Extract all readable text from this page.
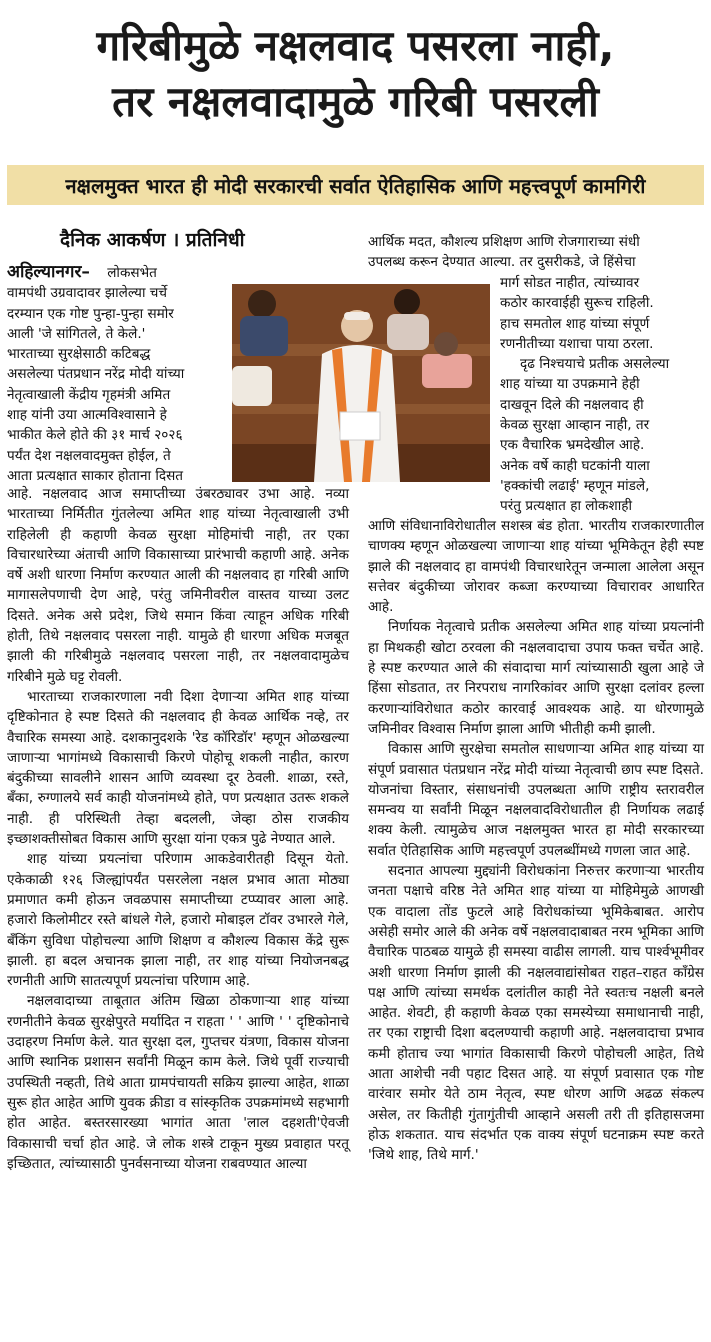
गरिबीमुळे नक्षलवाद पसरला नाही,
तर नक्षलवादामुळे गरिबी पसरली
नक्षलमुक्त भारत ही मोदी सरकारची सर्वात ऐतिहासिक आणि महत्त्वपूर्ण कामगिरी
दैनिक आकर्षण । प्रतिनिधी

अहिल्यानगर– लोकसभेत

वामपंथी उग्रवादावर झालेल्या चर्चे

दरम्यान एक गोष्ट पुन्हा-पुन्हा समोर

आली 'जे सांगितले, ते केले.'

भारताच्या सुरक्षेसाठी कटिबद्ध

असलेल्या पंतप्रधान नरेंद्र मोदी यांच्या

नेतृत्वाखाली केंद्रीय गृहमंत्री अमित

शाह यांनी उया आत्मविश्वासाने हे

भाकीत केले होते की ३१ मार्च २०२६

पर्यंत देश नक्षलवादमुक्त होईल, ते

आता प्रत्यक्षात साकार होताना दिसत

आहे. नक्षलवाद आज समाप्तीच्या उंबरठ्यावर उभा आहे. नव्या भारताच्या निर्मितीत गुंतलेल्या अमित शाह यांच्या नेतृत्वाखाली उभी राहिलेली ही कहाणी केवळ सुरक्षा मोहिमांची नाही, तर एका विचारधारेच्या अंताची आणि विकासाच्या प्रारंभाची कहाणी आहे. अनेक वर्षे अशी धारणा निर्माण करण्यात आली की नक्षलवाद हा गरिबी आणि मागासलेपणाची देण आहे, परंतु जमिनीवरील वास्तव याच्या उलट दिसते. अनेक असे प्रदेश, जिथे समान किंवा त्याहून अधिक गरिबी होती, तिथे नक्षलवाद पसरला नाही. यामुळे ही धारणा अधिक मजबूत झाली की गरिबीमुळे नक्षलवाद पसरला नाही, तर नक्षलवादामुळेच गरिबीने मुळे घट्ट रोवली.

भारताच्या राजकारणाला नवी दिशा देणाऱ्या अमित शाह यांच्या दृष्टिकोनात हे स्पष्ट दिसते की नक्षलवाद ही केवळ आर्थिक नव्हे, तर वैचारिक समस्या आहे. दशकानुदशके 'रेड कॉरिडॉर' म्हणून ओळखल्या जाणाऱ्या भागांमध्ये विकासाची किरणे पोहोचू शकली नाहीत, कारण बंदुकीच्या सावलीने शासन आणि व्यवस्था दूर ठेवली. शाळा, रस्ते, बँका, रुग्णालये सर्व काही योजनांमध्ये होते, पण प्रत्यक्षात उतरू शकले नाही. ही परिस्थिती तेव्हा बदलली, जेव्हा ठोस राजकीय इच्छाशक्तीसोबत विकास आणि सुरक्षा यांना एकत्र पुढे नेण्यात आले.

शाह यांच्या प्रयत्नांचा परिणाम आकडेवारीतही दिसून येतो. एकेकाळी १२६ जिल्ह्यांपर्यंत पसरलेला नक्षल प्रभाव आता मोठ्या प्रमाणात कमी होऊन जवळपास समाप्तीच्या टप्प्यावर आला आहे. हजारो किलोमीटर रस्ते बांधले गेले, हजारो मोबाइल टॉवर उभारले गेले, बँकिंग सुविधा पोहोचल्या आणि शिक्षण व कौशल्य विकास केंद्रे सुरू झाली. हा बदल अचानक झाला नाही, तर शाह यांच्या नियोजनबद्ध रणनीती आणि सातत्यपूर्ण प्रयत्नांचा परिणाम आहे.

नक्षलवादाच्या ताबूतात अंतिम खिळा ठोकणाऱ्या शाह यांच्या रणनीतीने केवळ सुरक्षेपुरते मर्यादित न राहता ' ' आणि ' ' दृष्टिकोनाचे उदाहरण निर्माण केले. यात सुरक्षा दल, गुप्तचर यंत्रणा, विकास योजना आणि स्थानिक प्रशासन सर्वांनी मिळून काम केले. जिथे पूर्वी राज्याची उपस्थिती नव्हती, तिथे आता ग्रामपंचायती सक्रिय झाल्या आहेत, शाळा सुरू होत आहेत आणि युवक क्रीडा व सांस्कृतिक उपक्रमांमध्ये सहभागी होत आहेत. बस्तरसारख्या भागांत आता 'लाल दहशती'ऐवजी विकासाची चर्चा होत आहे. जे लोक शस्त्रे टाकून मुख्य प्रवाहात परतू इच्छितात, त्यांच्यासाठी पुनर्वसनाच्या योजना राबवण्यात आल्या

आर्थिक मदत, कौशल्य प्रशिक्षण आणि रोजगाराच्या संधी

उपलब्ध करून देण्यात आल्या. तर दुसरीकडे, जे हिंसेचा

मार्ग सोडत नाहीत, त्यांच्यावर

कठोर कारवाईही सुरूच राहिली.

हाच समतोल शाह यांच्या संपूर्ण

रणनीतीच्या यशाचा पाया ठरला.

दृढ निश्चयाचे प्रतीक असलेल्या

शाह यांच्या या उपक्रमाने हेही

दाखवून दिले की नक्षलवाद ही

केवळ सुरक्षा आव्हान नाही, तर

एक वैचारिक भ्रमदेखील आहे.

अनेक वर्षे काही घटकांनी याला

'हक्कांची लढाई' म्हणून मांडले,

परंतु प्रत्यक्षात हा लोकशाही

आणि संविधानाविरोधातील सशस्त्र बंड होता. भारतीय राजकारणातील चाणक्य म्हणून ओळखल्या जाणाऱ्या शाह यांच्या भूमिकेतून हेही स्पष्ट झाले की नक्षलवाद हा वामपंथी विचारधारेतून जन्माला आलेला असून सत्तेवर बंदुकीच्या जोरावर कब्जा करण्याच्या विचारावर आधारित आहे.

निर्णायक नेतृत्वाचे प्रतीक असलेल्या अमित शाह यांच्या प्रयत्नांनी हा मिथकही खोटा ठरवला की नक्षलवादाचा उपाय फक्त चर्चेत आहे. हे स्पष्ट करण्यात आले की संवादाचा मार्ग त्यांच्यासाठी खुला आहे जे हिंसा सोडतात, तर निरपराध नागरिकांवर आणि सुरक्षा दलांवर हल्ला करणाऱ्यांविरोधात कठोर कारवाई आवश्यक आहे. या धोरणामुळे जमिनीवर विश्वास निर्माण झाला आणि भीतीही कमी झाली.

विकास आणि सुरक्षेचा समतोल साधणाऱ्या अमित शाह यांच्या या संपूर्ण प्रवासात पंतप्रधान नरेंद्र मोदी यांच्या नेतृत्वाची छाप स्पष्ट दिसते. योजनांचा विस्तार, संसाधनांची उपलब्धता आणि राष्ट्रीय स्तरावरील समन्वय या सर्वांनी मिळून नक्षलवादविरोधातील ही निर्णायक लढाई शक्य केली. त्यामुळेच आज नक्षलमुक्त भारत हा मोदी सरकारच्या सर्वात ऐतिहासिक आणि महत्त्वपूर्ण उपलब्धींमध्ये गणला जात आहे.

सदनात आपल्या मुद्द्यांनी विरोधकांना निरुत्तर करणाऱ्या भारतीय जनता पक्षाचे वरिष्ठ नेते अमित शाह यांच्या या मोहिमेमुळे आणखी एक वादाला तोंड फुटले आहे विरोधकांच्या भूमिकेबाबत. आरोप असेही समोर आले की अनेक वर्षे नक्षलवादाबाबत नरम भूमिका आणि वैचारिक पाठबळ यामुळे ही समस्या वाढीस लागली. याच पार्श्वभूमीवर अशी धारणा निर्माण झाली की नक्षलवाद्यांसोबत राहत–राहत काँग्रेस पक्ष आणि त्यांच्या समर्थक दलांतील काही नेते स्वतःच नक्षली बनले आहेत. शेवटी, ही कहाणी केवळ एका समस्येच्या समाधानाची नाही, तर एका राष्ट्राची दिशा बदलण्याची कहाणी आहे. नक्षलवादाचा प्रभाव कमी होताच ज्या भागांत विकासाची किरणे पोहोचली आहेत, तिथे आता आशेची नवी पहाट दिसत आहे. या संपूर्ण प्रवासात एक गोष्ट वारंवार समोर येते ठाम नेतृत्व, स्पष्ट धोरण आणि अढळ संकल्प असेल, तर कितीही गुंतागुंतीची आव्हाने असली तरी ती इतिहासजमा होऊ शकतात. याच संदर्भात एक वाक्य संपूर्ण घटनाक्रम स्पष्ट करते 'जिथे शाह, तिथे मार्ग.'
